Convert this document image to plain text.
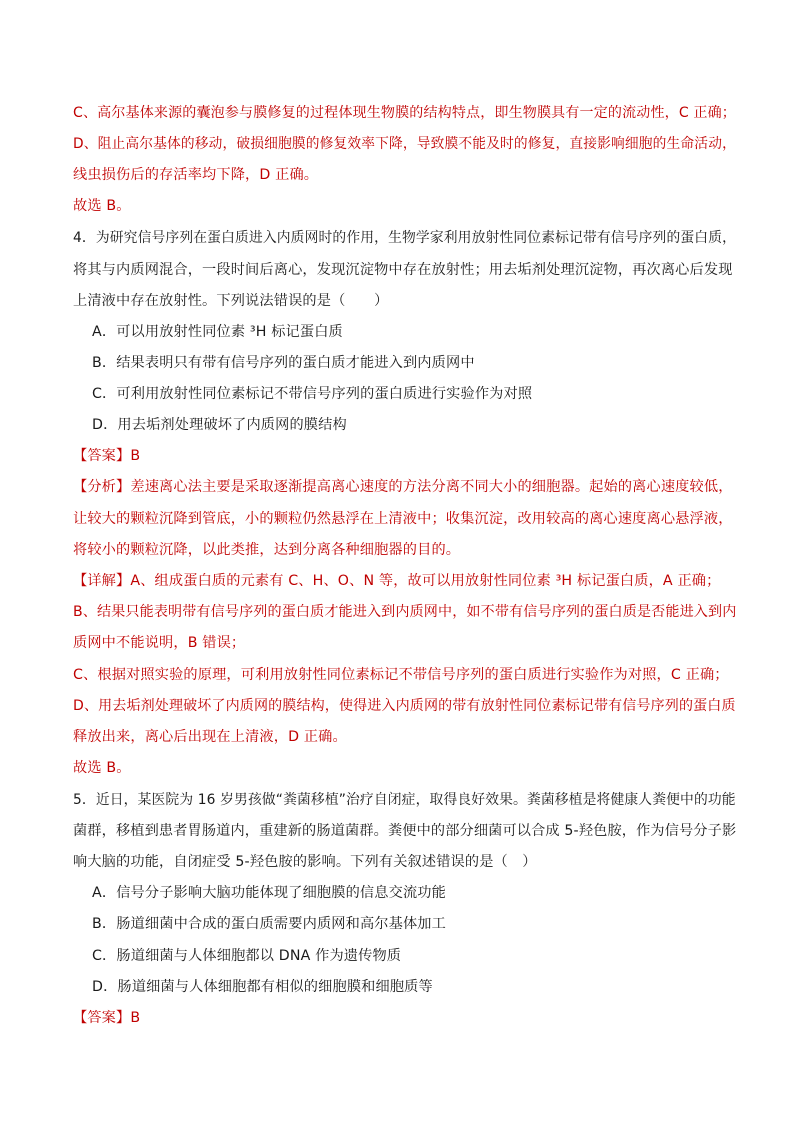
C、高尔基体来源的囊泡参与膜修复的过程体现生物膜的结构特点，即生物膜具有一定的流动性，C 正确；
D、阻止高尔基体的移动，破损细胞膜的修复效率下降，导致膜不能及时的修复，直接影响细胞的生命活动，
线虫损伤后的存活率均下降，D 正确。
故选 B。
4．为研究信号序列在蛋白质进入内质网时的作用，生物学家利用放射性同位素标记带有信号序列的蛋白质，
将其与内质网混合，一段时间后离心，发现沉淀物中存在放射性；用去垢剂处理沉淀物，再次离心后发现
上清液中存在放射性。下列说法错误的是（　　）
A．可以用放射性同位素 ³H 标记蛋白质
B．结果表明只有带有信号序列的蛋白质才能进入到内质网中
C．可利用放射性同位素标记不带信号序列的蛋白质进行实验作为对照
D．用去垢剂处理破坏了内质网的膜结构
【答案】B
【分析】差速离心法主要是采取逐渐提高离心速度的方法分离不同大小的细胞器。起始的离心速度较低，
让较大的颗粒沉降到管底，小的颗粒仍然悬浮在上清液中；收集沉淀，改用较高的离心速度离心悬浮液，
将较小的颗粒沉降，以此类推，达到分离各种细胞器的目的。
【详解】A、组成蛋白质的元素有 C、H、O、N 等，故可以用放射性同位素 ³H 标记蛋白质，A 正确；
B、结果只能表明带有信号序列的蛋白质才能进入到内质网中，如不带有信号序列的蛋白质是否能进入到内
质网中不能说明，B 错误；
C、根据对照实验的原理，可利用放射性同位素标记不带信号序列的蛋白质进行实验作为对照，C 正确；
D、用去垢剂处理破坏了内质网的膜结构，使得进入内质网的带有放射性同位素标记带有信号序列的蛋白质
释放出来，离心后出现在上清液，D 正确。
故选 B。
5．近日，某医院为 16 岁男孩做“粪菌移植”治疗自闭症，取得良好效果。粪菌移植是将健康人粪便中的功能
菌群，移植到患者胃肠道内，重建新的肠道菌群。粪便中的部分细菌可以合成 5-羟色胺，作为信号分子影
响大脑的功能，自闭症受 5-羟色胺的影响。下列有关叙述错误的是（　）
A．信号分子影响大脑功能体现了细胞膜的信息交流功能
B．肠道细菌中合成的蛋白质需要内质网和高尔基体加工
C．肠道细菌与人体细胞都以 DNA 作为遗传物质
D．肠道细菌与人体细胞都有相似的细胞膜和细胞质等
【答案】B
